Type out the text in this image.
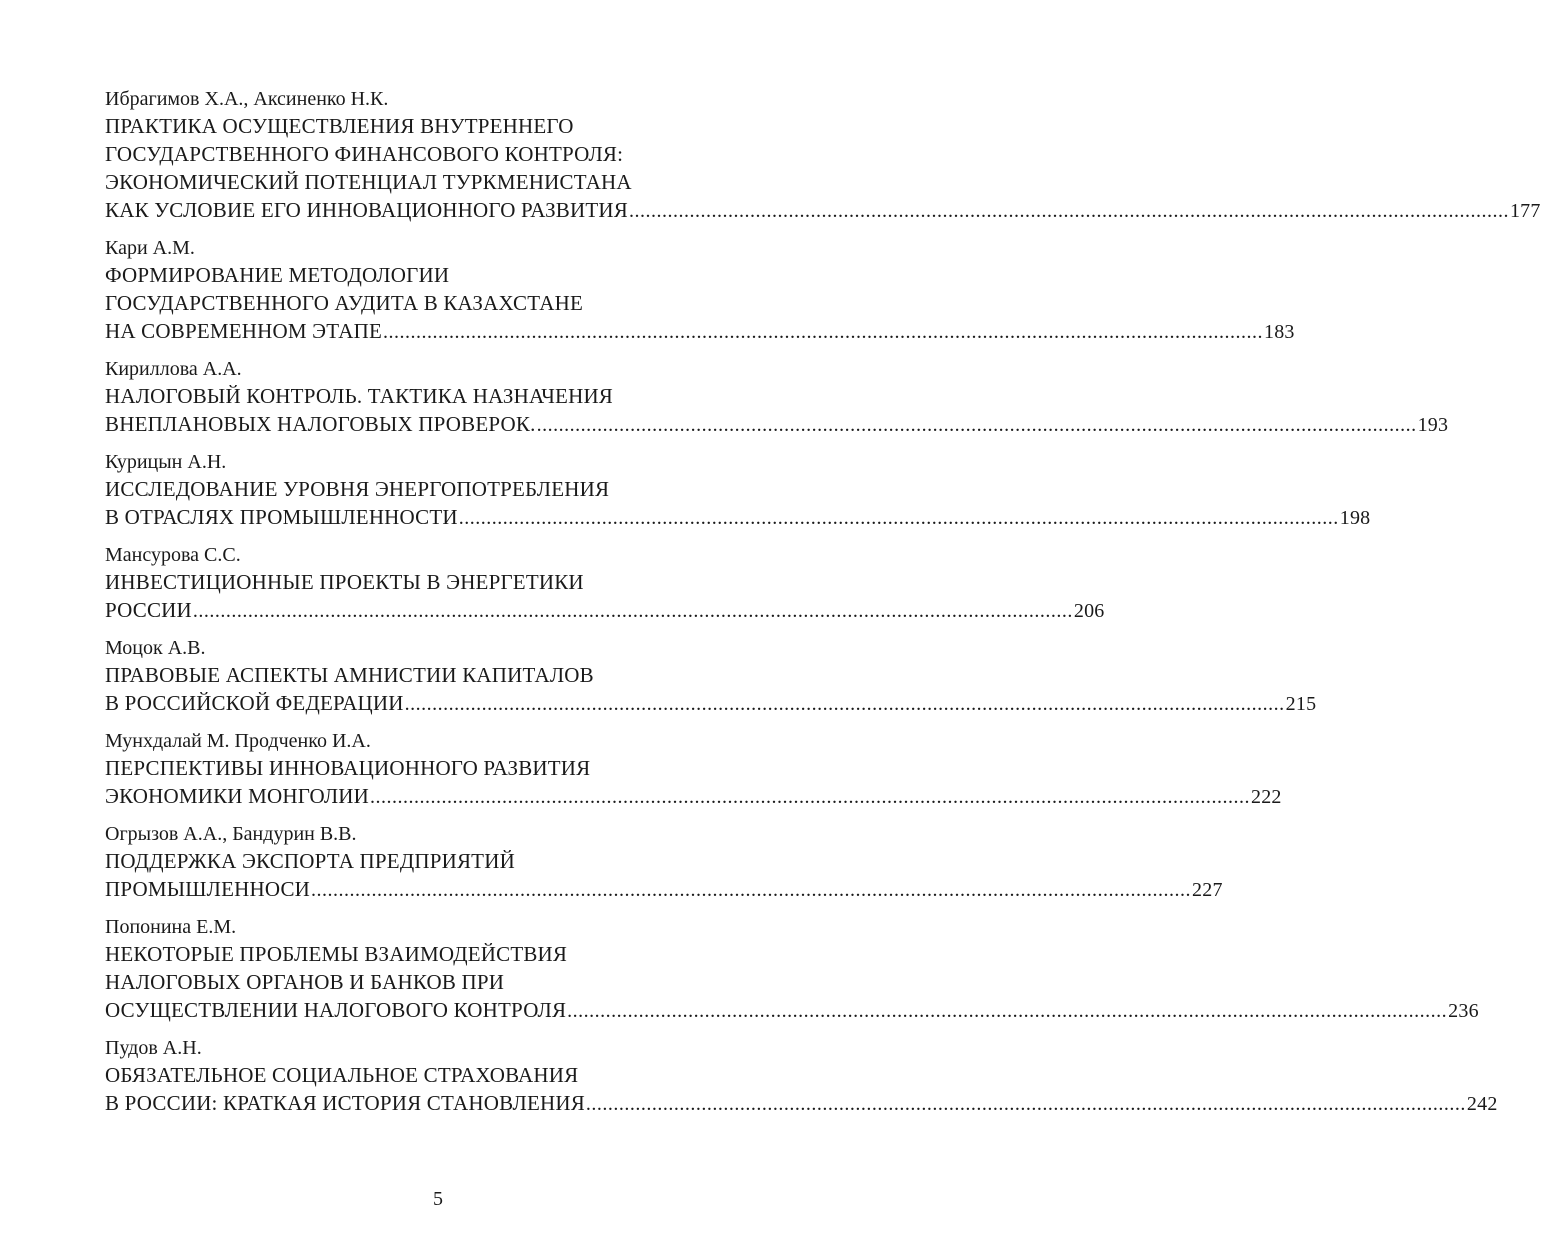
Ибрагимов Х.А., Аксиненко Н.К.
ПРАКТИКА ОСУЩЕСТВЛЕНИЯ ВНУТРЕННЕГО
ГОСУДАРСТВЕННОГО ФИНАНСОВОГО КОНТРОЛЯ:
ЭКОНОМИЧЕСКИЙ ПОТЕНЦИАЛ ТУРКМЕНИСТАНА
КАК УСЛОВИЕ ЕГО ИННОВАЦИОННОГО РАЗВИТИЯ ................................................................................................................................................................ 177
Кари А.М.
ФОРМИРОВАНИЕ МЕТОДОЛОГИИ
ГОСУДАРСТВЕННОГО АУДИТА В КАЗАХСТАНЕ
НА СОВРЕМЕННОМ ЭТАПЕ ................................................................................................................................................................ 183
Кириллова А.А.
НАЛОГОВЫЙ КОНТРОЛЬ. ТАКТИКА НАЗНАЧЕНИЯ
ВНЕПЛАНОВЫХ НАЛОГОВЫХ ПРОВЕРОК. ................................................................................................................................................................ 193
Курицын А.Н.
ИССЛЕДОВАНИЕ УРОВНЯ ЭНЕРГОПОТРЕБЛЕНИЯ
В ОТРАСЛЯХ ПРОМЫШЛЕННОСТИ ................................................................................................................................................................ 198
Мансурова С.С.
ИНВЕСТИЦИОННЫЕ ПРОЕКТЫ В ЭНЕРГЕТИКИ
РОССИИ ................................................................................................................................................................ 206
Моцок А.В.
ПРАВОВЫЕ АСПЕКТЫ АМНИСТИИ КАПИТАЛОВ
В РОССИЙСКОЙ ФЕДЕРАЦИИ ................................................................................................................................................................ 215
Мунхдалай М. Продченко И.А.
ПЕРСПЕКТИВЫ ИННОВАЦИОННОГО РАЗВИТИЯ
ЭКОНОМИКИ МОНГОЛИИ ................................................................................................................................................................ 222
Огрызов А.А., Бандурин В.В.
ПОДДЕРЖКА ЭКСПОРТА ПРЕДПРИЯТИЙ
ПРОМЫШЛЕННОСИ ................................................................................................................................................................ 227
Попонина Е.М.
НЕКОТОРЫЕ ПРОБЛЕМЫ ВЗАИМОДЕЙСТВИЯ
НАЛОГОВЫХ ОРГАНОВ И БАНКОВ ПРИ
ОСУЩЕСТВЛЕНИИ НАЛОГОВОГО КОНТРОЛЯ ................................................................................................................................................................ 236
Пудов А.Н.
ОБЯЗАТЕЛЬНОЕ СОЦИАЛЬНОЕ СТРАХОВАНИЯ
В РОССИИ: КРАТКАЯ ИСТОРИЯ СТАНОВЛЕНИЯ ................................................................................................................................................................ 242
5
